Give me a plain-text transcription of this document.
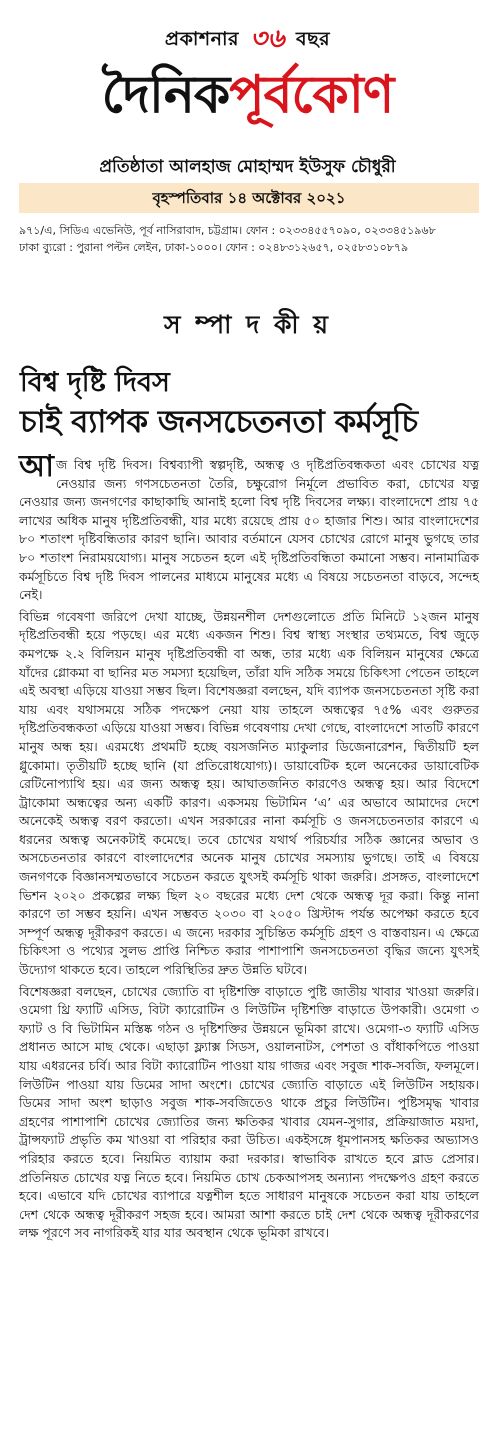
প্রকাশনার ৩৬ বছর
দৈনিকপূর্বকোণ
প্রতিষ্ঠাতা আলহাজ মোহাম্মদ ইউসুফ চৌধুরী
বৃহস্পতিবার ১৪ অক্টোবর ২০২১
৯৭১/এ, সিডিএ এভেনিউ, পূর্ব নাসিরাবাদ, চট্টগ্রাম। ফোন : ০২৩৩৪৫৫৭০৯০, ০২৩৩৪৫১৯৬৮
ঢাকা ব্যুরো : পুরানা পল্টন লেইন, ঢাকা-১০০০। ফোন : ০২৪৮৩১২৬৫৭, ০২৫৮৩১০৮৭৯
স ম্পা দ কী য়
বিশ্ব দৃষ্টি দিবস
চাই ব্যাপক জনসচেতনতা কর্মসূচি

আজ বিশ্ব দৃষ্টি দিবস। বিশ্বব্যাপী স্বল্পদৃষ্টি, অন্ধত্ব ও দৃষ্টিপ্রতিবন্ধকতা এবং চোখের যত্ন নেওয়ার জন্য গণসচেতনতা তৈরি, চক্ষুরোগ নির্মূলে প্রভাবিত করা, চোখের যত্ন নেওয়ার জন্য জনগণের কাছাকাছি আনাই হলো বিশ্ব দৃষ্টি দিবসের লক্ষ্য। বাংলাদেশে প্রায় ৭৫ লাখের অধিক মানুষ দৃষ্টিপ্রতিবন্ধী, যার মধ্যে রয়েছে প্রায় ৫০ হাজার শিশু। আর বাংলাদেশের ৮০ শতাংশ দৃষ্টিবন্ধিতার কারণ ছানি। আবার বর্তমানে যেসব চোখের রোগে মানুষ ভুগছে তার ৮০ শতাংশ নিরাময়যোগ্য। মানুষ সচেতন হলে এই দৃষ্টিপ্রতিবন্ধিতা কমানো সম্ভব। নানামাত্রিক কর্মসূচিতে বিশ্ব দৃষ্টি দিবস পালনের মাধ্যমে মানুষের মধ্যে এ বিষয়ে সচেতনতা বাড়বে, সন্দেহ নেই।

বিভিন্ন গবেষণা জরিপে দেখা যাচ্ছে, উন্নয়নশীল দেশগুলোতে প্রতি মিনিটে ১২জন মানুষ দৃষ্টিপ্রতিবন্ধী হয়ে পড়ছে। এর মধ্যে একজন শিশু। বিশ্ব স্বাস্থ্য সংস্থার তথ্যমতে, বিশ্ব জুড়ে কমপক্ষে ২.২ বিলিয়ন মানুষ দৃষ্টিপ্রতিবন্ধী বা অন্ধ, তার মধ্যে এক বিলিয়ন মানুষের ক্ষেত্রে যাঁদের গ্লোকমা বা ছানির মত সমস্যা হয়েছিল, তাঁরা যদি সঠিক সময়ে চিকিৎসা পেতেন তাহলে এই অবস্থা এড়িয়ে যাওয়া সম্ভব ছিল। বিশেষজ্ঞরা বলছেন, যদি ব্যাপক জনসচেতনতা সৃষ্টি করা যায় এবং যথাসময়ে সঠিক পদক্ষেপ নেয়া যায় তাহলে অন্ধত্বের ৭৫% এবং গুরুতর দৃষ্টিপ্রতিবন্ধকতা এড়িয়ে যাওয়া সম্ভব। বিভিন্ন গবেষণায় দেখা গেছে, বাংলাদেশে সাতটি কারণে মানুষ অন্ধ হয়। এরমধ্যে প্রথমটি হচ্ছে বয়সজনিত ম্যাকুলার ডিজেনারেশন, দ্বিতীয়টি হল গ্লুকোমা। তৃতীয়টি হচ্ছে ছানি (যা প্রতিরোধযোগ্য)। ডায়াবেটিক হলে অনেকের ডায়াবেটিক রেটিনোপ্যাথি হয়। এর জন্য অন্ধত্ব হয়। আঘাতজনিত কারণেও অন্ধত্ব হয়। আর বিদেশে ট্রাকোমা অন্ধত্বের অন্য একটি কারণ। একসময় ভিটামিন ‘এ’ এর অভাবে আমাদের দেশে অনেকেই অন্ধত্ব বরণ করতো। এখন সরকারের নানা কর্মসূচি ও জনসচেতনতার কারণে এ ধরনের অন্ধত্ব অনেকটাই কমেছে। তবে চোখের যথার্থ পরিচর্যার সঠিক জ্ঞানের অভাব ও অসচেতনতার কারণে বাংলাদেশের অনেক মানুষ চোখের সমস্যায় ভুগছে। তাই এ বিষয়ে জনগণকে বিজ্ঞানসম্মতভাবে সচেতন করতে যুৎসই কর্মসূচি থাকা জরুরি। প্রসঙ্গত, বাংলাদেশে ভিশন ২০২০ প্রকল্পের লক্ষ্য ছিল ২০ বছরের মধ্যে দেশ থেকে অন্ধত্ব দূর করা। কিন্তু নানা কারণে তা সম্ভব হয়নি। এখন সম্ভবত ২০৩০ বা ২০৫০ খ্রিস্টাব্দ পর্যন্ত অপেক্ষা করতে হবে সম্পূর্ণ অন্ধত্ব দূরীকরণ করতে। এ জন্যে দরকার সুচিন্তিত কর্মসূচি গ্রহণ ও বাস্তবায়ন। এ ক্ষেত্রে চিকিৎসা ও পথ্যের সুলভ প্রাপ্তি নিশ্চিত করার পাশাপাশি জনসচেতনতা বৃদ্ধির জন্যে যুৎসই উদ্যোগ থাকতে হবে। তাহলে পরিস্থিতির দ্রুত উন্নতি ঘটবে।

বিশেষজ্ঞরা বলছেন, চোখের জ্যোতি বা দৃষ্টিশক্তি বাড়াতে পুষ্টি জাতীয় খাবার খাওয়া জরুরি। ওমেগা থ্রি ফ্যাটি এসিড, বিটা ক্যারোটিন ও লিউটিন দৃষ্টিশক্তি বাড়াতে উপকারী। ওমেগা ৩ ফ্যাট ও বি ভিটামিন মস্তিষ্ক গঠন ও দৃষ্টিশক্তির উন্নয়নে ভূমিকা রাখে। ওমেগা-৩ ফ্যাটি এসিড প্রধানত আসে মাছ থেকে। এছাড়া ফ্ল্যাক্স সিডস, ওয়ালনাটস, পেশতা ও বাঁধাকপিতে পাওয়া যায় এধরনের চর্বি। আর বিটা ক্যারোটিন পাওয়া যায় গাজর এবং সবুজ শাক-সবজি, ফলমূলে। লিউটিন পাওয়া যায় ডিমের সাদা অংশে। চোখের জ্যোতি বাড়াতে এই লিউটিন সহায়ক। ডিমের সাদা অংশ ছাড়াও সবুজ শাক-সবজিতেও থাকে প্রচুর লিউটিন। পুষ্টিসমৃদ্ধ খাবার গ্রহণের পাশাপাশি চোখের জ্যোতির জন্য ক্ষতিকর খাবার যেমন-সুগার, প্রক্রিয়াজাত ময়দা, ট্রান্সফ্যাট প্রভৃতি কম খাওয়া বা পরিহার করা উচিত। একইসঙ্গে ধূমপানসহ ক্ষতিকর অভ্যাসও পরিহার করতে হবে। নিয়মিত ব্যায়াম করা দরকার। স্বাভাবিক রাখতে হবে ব্লাড প্রেসার। প্রতিনিয়ত চোখের যত্ন নিতে হবে। নিয়মিত চোখ চেকআপসহ অন্যান্য পদক্ষেপও গ্রহণ করতে হবে। এভাবে যদি চোখের ব্যাপারে যত্নশীল হতে সাধারণ মানুষকে সচেতন করা যায় তাহলে দেশ থেকে অন্ধত্ব দূরীকরণ সহজ হবে। আমরা আশা করতে চাই দেশ থেকে অন্ধত্ব দূরীকরণের লক্ষ পূরণে সব নাগরিকই যার যার অবস্থান থেকে ভূমিকা রাখবে।
